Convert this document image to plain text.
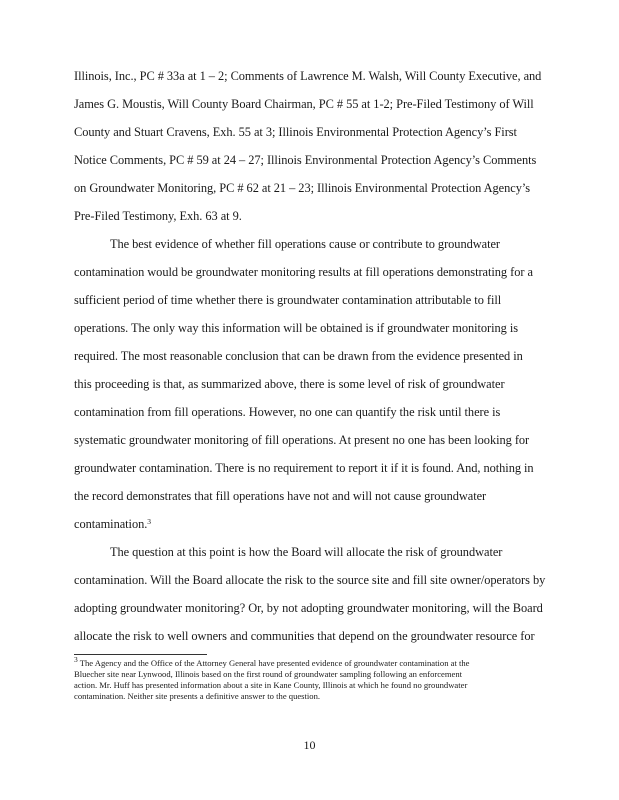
Illinois, Inc., PC # 33a at 1 – 2; Comments of Lawrence M. Walsh, Will County Executive, and
James G. Moustis, Will County Board Chairman, PC # 55 at 1-2; Pre-Filed Testimony of Will
County and Stuart Cravens, Exh. 55 at 3; Illinois Environmental Protection Agency’s First
Notice Comments, PC # 59 at 24 – 27; Illinois Environmental Protection Agency’s Comments
on Groundwater Monitoring, PC # 62 at 21 – 23; Illinois Environmental Protection Agency’s
Pre-Filed Testimony, Exh. 63 at 9.
The best evidence of whether fill operations cause or contribute to groundwater
contamination would be groundwater monitoring results at fill operations demonstrating for a
sufficient period of time whether there is groundwater contamination attributable to fill
operations. The only way this information will be obtained is if groundwater monitoring is
required. The most reasonable conclusion that can be drawn from the evidence presented in
this proceeding is that, as summarized above, there is some level of risk of groundwater
contamination from fill operations. However, no one can quantify the risk until there is
systematic groundwater monitoring of fill operations. At present no one has been looking for
groundwater contamination. There is no requirement to report it if it is found. And, nothing in
the record demonstrates that fill operations have not and will not cause groundwater
contamination.$^3$
The question at this point is how the Board will allocate the risk of groundwater
contamination. Will the Board allocate the risk to the source site and fill site owner/operators by
adopting groundwater monitoring? Or, by not adopting groundwater monitoring, will the Board
allocate the risk to well owners and communities that depend on the groundwater resource for
$^3$ The Agency and the Office of the Attorney General have presented evidence of groundwater contamination at the
Bluecher site near Lynwood, Illinois based on the first round of groundwater sampling following an enforcement
action. Mr. Huff has presented information about a site in Kane County, Illinois at which he found no groundwater
contamination. Neither site presents a definitive answer to the question.
10
